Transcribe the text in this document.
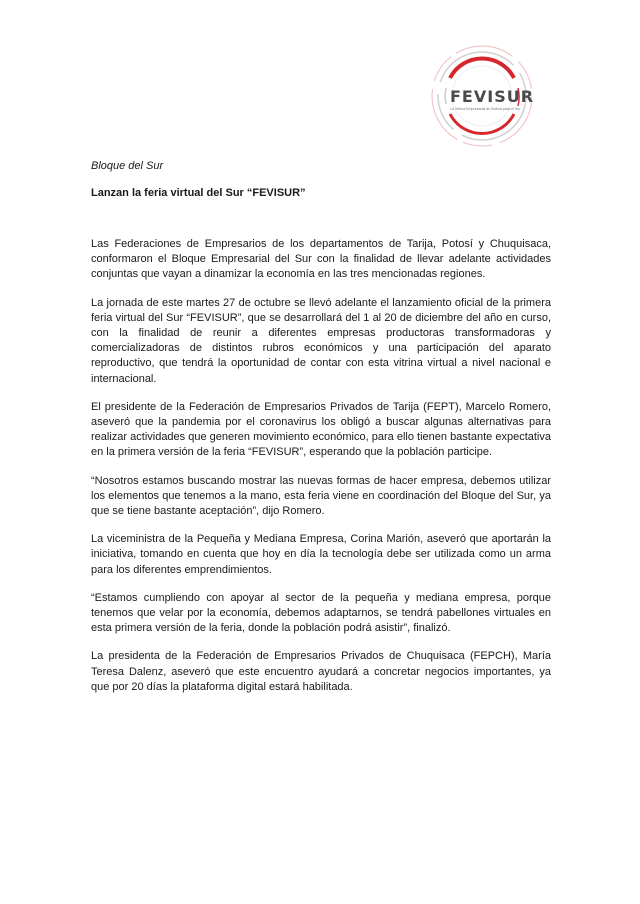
FEVISUR
La Vitrina Empresarial de Bolivia para el Sur
Bloque del Sur
Lanzan la feria virtual del Sur “FEVISUR”

Las Federaciones de Empresarios de los departamentos de Tarija, Potosí y Chuquisaca, conformaron el Bloque Empresarial del Sur con la finalidad de llevar adelante actividades conjuntas que vayan a dinamizar la economía en las tres mencionadas regiones.

La jornada de este martes 27 de octubre se llevó adelante el lanzamiento oficial de la primera feria virtual del Sur “FEVISUR”, que se desarrollará del 1 al 20 de diciembre del año en curso, con la finalidad de reunir a diferentes empresas productoras transformadoras y comercializadoras de distintos rubros económicos y una participación del aparato reproductivo, que tendrá la oportunidad de contar con esta vitrina virtual a nivel nacional e internacional.

El presidente de la Federación de Empresarios Privados de Tarija (FEPT), Marcelo Romero, aseveró que la pandemia por el coronavirus los obligó a buscar algunas alternativas para realizar actividades que generen movimiento económico, para ello tienen bastante expectativa en la primera versión de la feria “FEVISUR”, esperando que la población participe.

“Nosotros estamos buscando mostrar las nuevas formas de hacer empresa, debemos utilizar los elementos que tenemos a la mano, esta feria viene en coordinación del Bloque del Sur, ya que se tiene bastante aceptación”, dijo Romero.

La viceministra de la Pequeña y Mediana Empresa, Corina Marión, aseveró que aportarán la iniciativa, tomando en cuenta que hoy en día la tecnología debe ser utilizada como un arma para los diferentes emprendimientos.

“Estamos cumpliendo con apoyar al sector de la pequeña y mediana empresa, porque tenemos que velar por la economía, debemos adaptarnos, se tendrá pabellones virtuales en esta primera versión de la feria, donde la población podrá asistir”, finalizó.

La presidenta de la Federación de Empresarios Privados de Chuquisaca (FEPCH), María Teresa Dalenz, aseveró que este encuentro ayudará a concretar negocios importantes, ya que por 20 días la plataforma digital estará habilitada.
